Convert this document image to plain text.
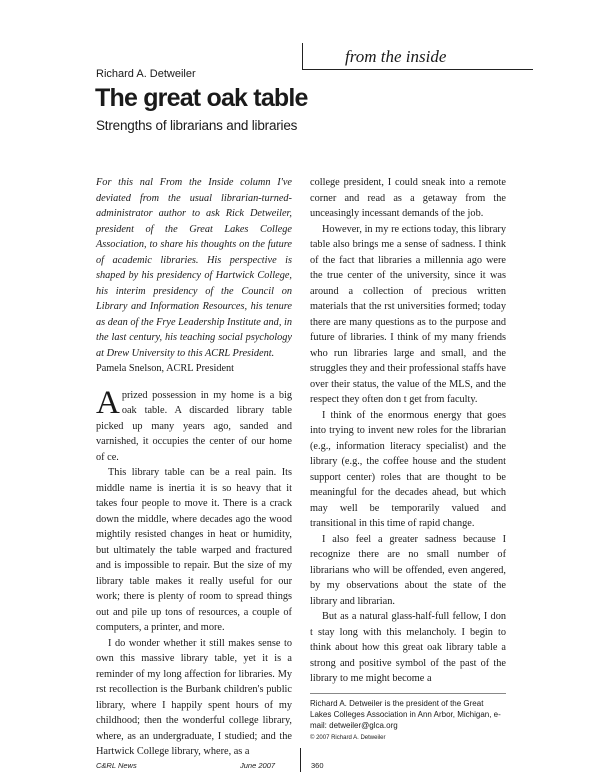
from the inside
Richard A. Detweiler
The great oak table
Strengths of librarians and libraries

For this nal From the Inside column I've deviated from the usual librarian-turned-administrator author to ask Rick Detweiler, president of the Great Lakes College Association, to share his thoughts on the future of academic libraries. His perspective is shaped by his presidency of Hartwick College, his interim presidency of the Council on Library and Information Resources, his tenure as dean of the Frye Leadership Institute and, in the last century, his teaching social psychology at Drew University to this ACRL President.

Pamela Snelson, ACRL President

Aprized possession in my home is a big oak table. A discarded library table picked up many years ago, sanded and varnished, it occupies the center of our home of ce.

This library table can be a real pain. Its middle name is inertia it is so heavy that it takes four people to move it. There is a crack down the middle, where decades ago the wood mightily resisted changes in heat or humidity, but ultimately the table warped and fractured and is impossible to repair. But the size of my library table makes it really useful for our work; there is plenty of room to spread things out and pile up tons of resources, a couple of computers, a printer, and more.

I do wonder whether it still makes sense to own this massive library table, yet it is a reminder of my long affection for libraries. My rst recollection is the Burbank children's public library, where I happily spent hours of my childhood; then the wonderful college library, where, as an undergraduate, I studied; and the Hartwick College library, where, as a

college president, I could sneak into a remote corner and read as a getaway from the unceasingly incessant demands of the job.

However, in my re ections today, this library table also brings me a sense of sadness. I think of the fact that libraries a millennia ago were the true center of the university, since it was around a collection of precious written materials that the rst universities formed; today there are many questions as to the purpose and future of libraries. I think of my many friends who run libraries large and small, and the struggles they and their professional staffs have over their status, the value of the MLS, and the respect they often don t get from faculty.

I think of the enormous energy that goes into trying to invent new roles for the librarian (e.g., information literacy specialist) and the library (e.g., the coffee house and the student support center) roles that are thought to be meaningful for the decades ahead, but which may well be temporarily valued and transitional in this time of rapid change.

I also feel a greater sadness because I recognize there are no small number of librarians who will be offended, even angered, by my observations about the state of the library and librarian.

But as a natural glass-half-full fellow, I don t stay long with this melancholy. I begin to think about how this great oak library table a strong and positive symbol of the past of the library to me might become a

Richard A. Detweiler is the president of the Great Lakes Colleges Association in Ann Arbor, Michigan, e-mail: detweiler@glca.org

© 2007 Richard A. Detweiler

C&RL News	June 2007	360
